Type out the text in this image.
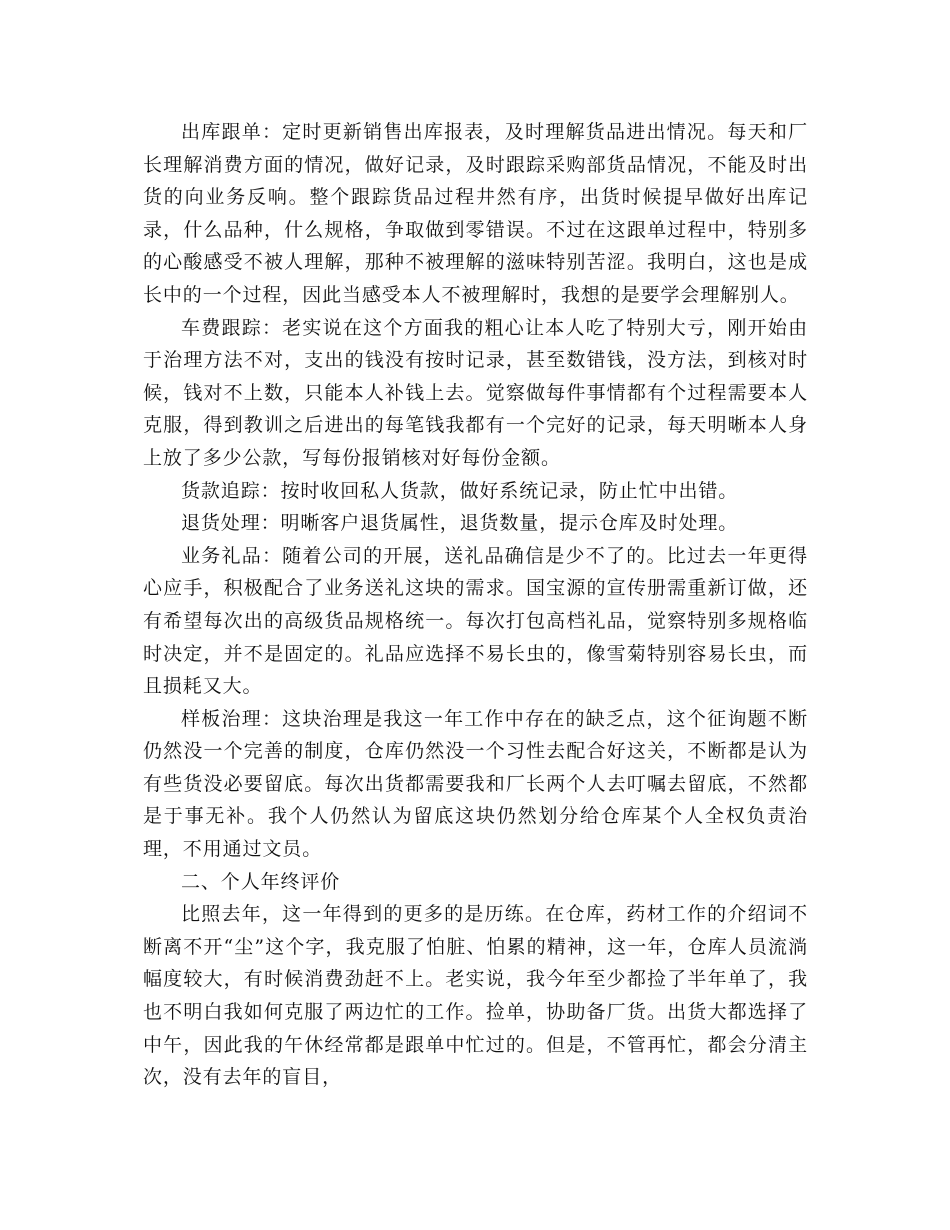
出库跟单：定时更新销售出库报表，及时理解货品进出情况。每天和厂长理解消费方面的情况，做好记录，及时跟踪采购部货品情况，不能及时出货的向业务反响。整个跟踪货品过程井然有序，出货时候提早做好出库记录，什么品种，什么规格，争取做到零错误。不过在这跟单过程中，特别多的心酸感受不被人理解，那种不被理解的滋味特别苦涩。我明白，这也是成长中的一个过程，因此当感受本人不被理解时，我想的是要学会理解别人。

车费跟踪：老实说在这个方面我的粗心让本人吃了特别大亏，刚开始由于治理方法不对，支出的钱没有按时记录，甚至数错钱，没方法，到核对时候，钱对不上数，只能本人补钱上去。觉察做每件事情都有个过程需要本人克服，得到教训之后进出的每笔钱我都有一个完好的记录，每天明晰本人身上放了多少公款，写每份报销核对好每份金额。

货款追踪：按时收回私人货款，做好系统记录，防止忙中出错。

退货处理：明晰客户退货属性，退货数量，提示仓库及时处理。

业务礼品：随着公司的开展，送礼品确信是少不了的。比过去一年更得心应手，积极配合了业务送礼这块的需求。国宝源的宣传册需重新订做，还有希望每次出的高级货品规格统一。每次打包高档礼品，觉察特别多规格临时决定，并不是固定的。礼品应选择不易长虫的，像雪菊特别容易长虫，而且损耗又大。

样板治理：这块治理是我这一年工作中存在的缺乏点，这个征询题不断仍然没一个完善的制度，仓库仍然没一个习性去配合好这关，不断都是认为有些货没必要留底。每次出货都需要我和厂长两个人去叮嘱去留底，不然都是于事无补。我个人仍然认为留底这块仍然划分给仓库某个人全权负责治理，不用通过文员。

二、个人年终评价

比照去年，这一年得到的更多的是历练。在仓库，药材工作的介绍词不断离不开“尘”这个字，我克服了怕脏、怕累的精神，这一年，仓库人员流淌幅度较大，有时候消费劲赶不上。老实说，我今年至少都捡了半年单了，我也不明白我如何克服了两边忙的工作。捡单，协助备厂货。出货大都选择了中午，因此我的午休经常都是跟单中忙过的。但是，不管再忙，都会分清主次，没有去年的盲目，
